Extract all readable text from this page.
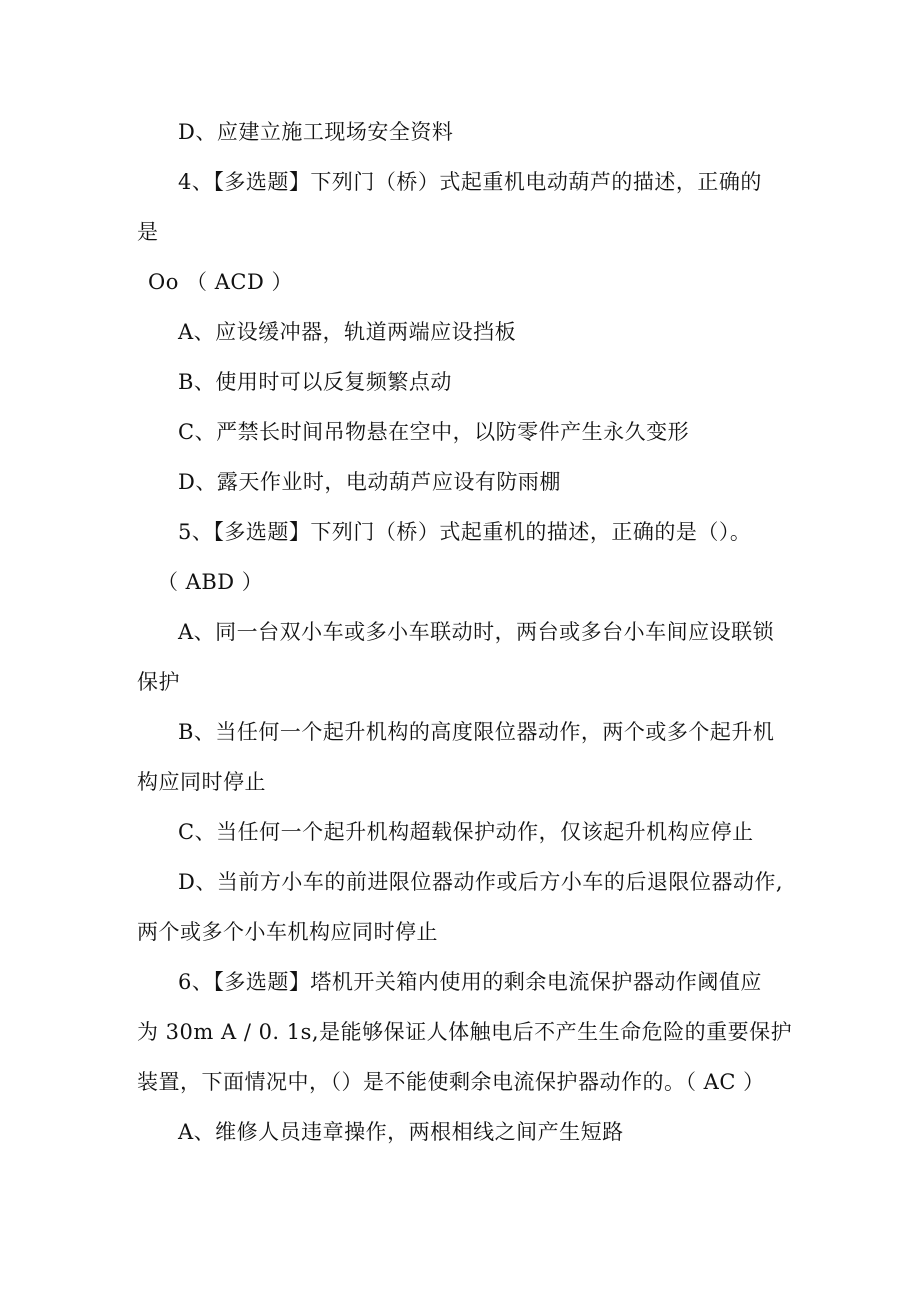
D、应建立施工现场安全资料
4、【多选题】下列门（桥）式起重机电动葫芦的描述，正确的
是
Oo （ ACD ）
A、应设缓冲器，轨道两端应设挡板
B、使用时可以反复频繁点动
C、严禁长时间吊物悬在空中，以防零件产生永久变形
D、露天作业时，电动葫芦应设有防雨棚
5、【多选题】下列门（桥）式起重机的描述，正确的是（）。
（ ABD ）
A、同一台双小车或多小车联动时，两台或多台小车间应设联锁
保护
B、当任何一个起升机构的高度限位器动作，两个或多个起升机
构应同时停止
C、当任何一个起升机构超载保护动作，仅该起升机构应停止
D、当前方小车的前进限位器动作或后方小车的后退限位器动作,
两个或多个小车机构应同时停止
6、【多选题】塔机开关箱内使用的剩余电流保护器动作阈值应
为 30m A / 0. 1s,是能够保证人体触电后不产生生命危险的重要保护
装置，下面情况中，（）是不能使剩余电流保护器动作的。（ AC ）
A、维修人员违章操作，两根相线之间产生短路
